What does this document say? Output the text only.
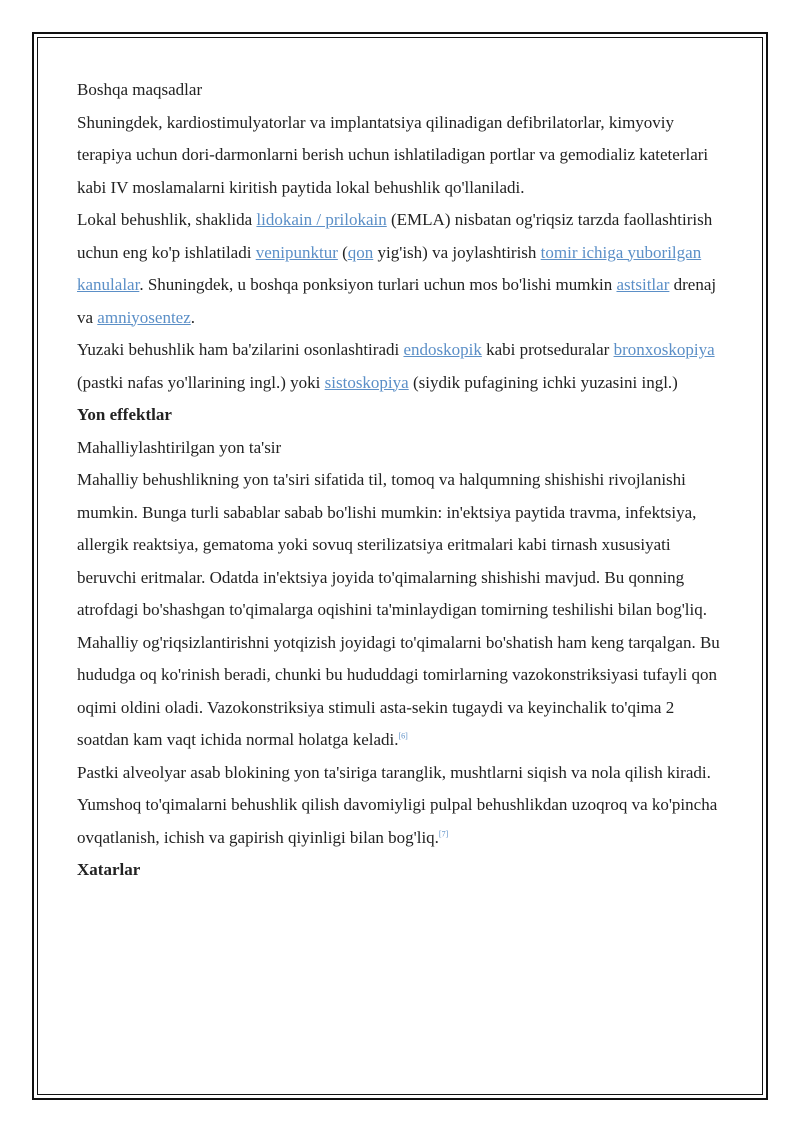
Boshqa maqsadlar

Shuningdek, kardiostimulyatorlar va implantatsiya qilinadigan defibrilatorlar, kimyoviy terapiya uchun dori-darmonlarni berish uchun ishlatiladigan portlar va gemodializ kateterlari kabi IV moslamalarni kiritish paytida lokal behushlik qo'llaniladi.

Lokal behushlik, shaklida lidokain / prilokain (EMLA) nisbatan og'riqsiz tarzda faollashtirish uchun eng ko'p ishlatiladi venipunktur (qon yig'ish) va joylashtirish tomir ichiga yuborilgan kanulalar. Shuningdek, u boshqa ponksiyon turlari uchun mos bo'lishi mumkin astsitlar drenaj va amniyosentez.

Yuzaki behushlik ham ba'zilarini osonlashtiradi endoskopik kabi protseduralar bronxoskopiya (pastki nafas yo'llarining ingl.) yoki sistoskopiya (siydik pufagining ichki yuzasini ingl.)

Yon effektlar

Mahalliylashtirilgan yon ta'sir

Mahalliy behushlikning yon ta'siri sifatida til, tomoq va halqumning shishishi rivojlanishi mumkin. Bunga turli sabablar sabab bo'lishi mumkin: in'ektsiya paytida travma, infektsiya, allergik reaktsiya, gematoma yoki sovuq sterilizatsiya eritmalari kabi tirnash xususiyati beruvchi eritmalar. Odatda in'ektsiya joyida to'qimalarning shishishi mavjud. Bu qonning atrofdagi bo'shashgan to'qimalarga oqishini ta'minlaydigan tomirning teshilishi bilan bog'liq. Mahalliy og'riqsizlantirishni yotqizish joyidagi to'qimalarni bo'shatish ham keng tarqalgan. Bu hududga oq ko'rinish beradi, chunki bu hududdagi tomirlarning vazokonstriksiyasi tufayli qon oqimi oldini oladi. Vazokonstriksiya stimuli asta-sekin tugaydi va keyinchalik to'qima 2 soatdan kam vaqt ichida normal holatga keladi.[6]

Pastki alveolyar asab blokining yon ta'siriga taranglik, mushtlarni siqish va nola qilish kiradi.

Yumshoq to'qimalarni behushlik qilish davomiyligi pulpal behushlikdan uzoqroq va ko'pincha ovqatlanish, ichish va gapirish qiyinligi bilan bog'liq.[7]

Xatarlar
